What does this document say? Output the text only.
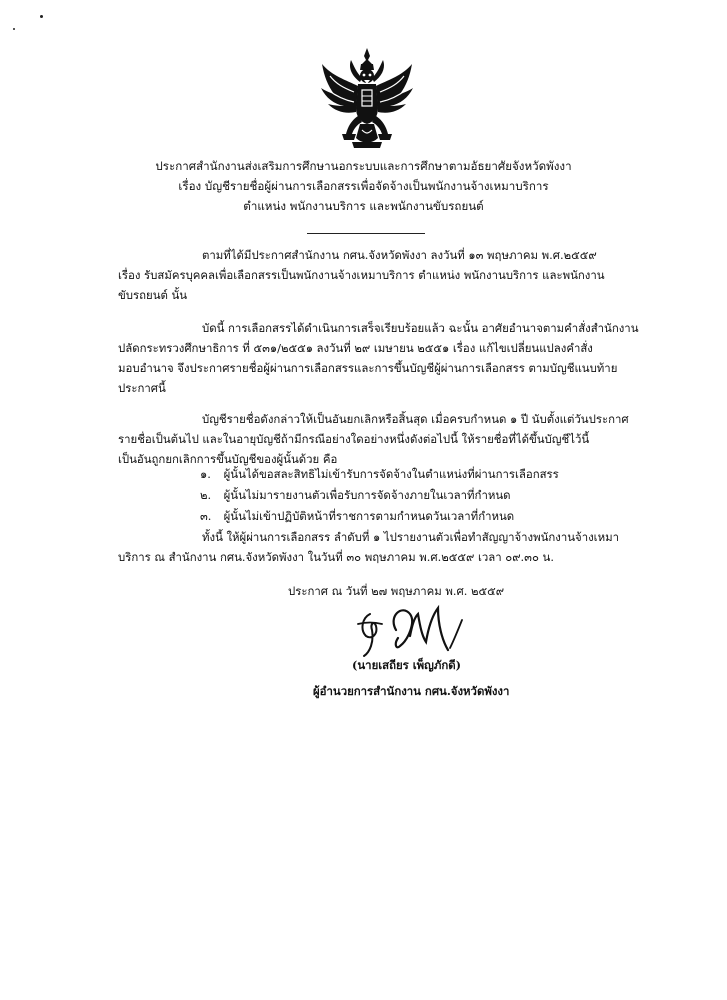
ประกาศสำนักงานส่งเสริมการศึกษานอกระบบและการศึกษาตามอัธยาศัยจังหวัดพังงา
เรื่อง บัญชีรายชื่อผู้ผ่านการเลือกสรรเพื่อจัดจ้างเป็นพนักงานจ้างเหมาบริการ
ตำแหน่ง พนักงานบริการ และพนักงานขับรถยนต์
ตามที่ได้มีประกาศสำนักงาน กศน.จังหวัดพังงา ลงวันที่ ๑๓ พฤษภาคม พ.ศ.๒๕๕๙
เรื่อง รับสมัครบุคคลเพื่อเลือกสรรเป็นพนักงานจ้างเหมาบริการ ตำแหน่ง พนักงานบริการ และพนักงาน
ขับรถยนต์ นั้น
บัดนี้ การเลือกสรรได้ดำเนินการเสร็จเรียบร้อยแล้ว ฉะนั้น อาศัยอำนาจตามคำสั่งสำนักงาน
ปลัดกระทรวงศึกษาธิการ ที่ ๕๓๑/๒๕๕๑ ลงวันที่ ๒๙ เมษายน ๒๕๕๑ เรื่อง แก้ไขเปลี่ยนแปลงคำสั่ง
มอบอำนาจ จึงประกาศรายชื่อผู้ผ่านการเลือกสรรและการขึ้นบัญชีผู้ผ่านการเลือกสรร ตามบัญชีแนบท้าย
ประกาศนี้
บัญชีรายชื่อดังกล่าวให้เป็นอันยกเลิกหรือสิ้นสุด เมื่อครบกำหนด ๑ ปี นับตั้งแต่วันประกาศ
รายชื่อเป็นต้นไป และในอายุบัญชีถ้ามีกรณีอย่างใดอย่างหนึ่งดังต่อไปนี้ ให้รายชื่อที่ได้ขึ้นบัญชีไว้นี้
เป็นอันถูกยกเลิกการขึ้นบัญชีของผู้นั้นด้วย คือ
๑. ผู้นั้นได้ขอสละสิทธิไม่เข้ารับการจัดจ้างในตำแหน่งที่ผ่านการเลือกสรร
๒. ผู้นั้นไม่มารายงานตัวเพื่อรับการจัดจ้างภายในเวลาที่กำหนด
๓. ผู้นั้นไม่เข้าปฏิบัติหน้าที่ราชการตามกำหนดวันเวลาที่กำหนด
ทั้งนี้ ให้ผู้ผ่านการเลือกสรร ลำดับที่ ๑ ไปรายงานตัวเพื่อทำสัญญาจ้างพนักงานจ้างเหมา
บริการ ณ สำนักงาน กศน.จังหวัดพังงา ในวันที่ ๓๐ พฤษภาคม พ.ศ.๒๕๕๙ เวลา ๐๙.๓๐ น.
ประกาศ ณ วันที่ ๒๗ พฤษภาคม พ.ศ. ๒๕๕๙
(นายเสถียร เพ็ญภักดี)
ผู้อำนวยการสำนักงาน กศน.จังหวัดพังงา
